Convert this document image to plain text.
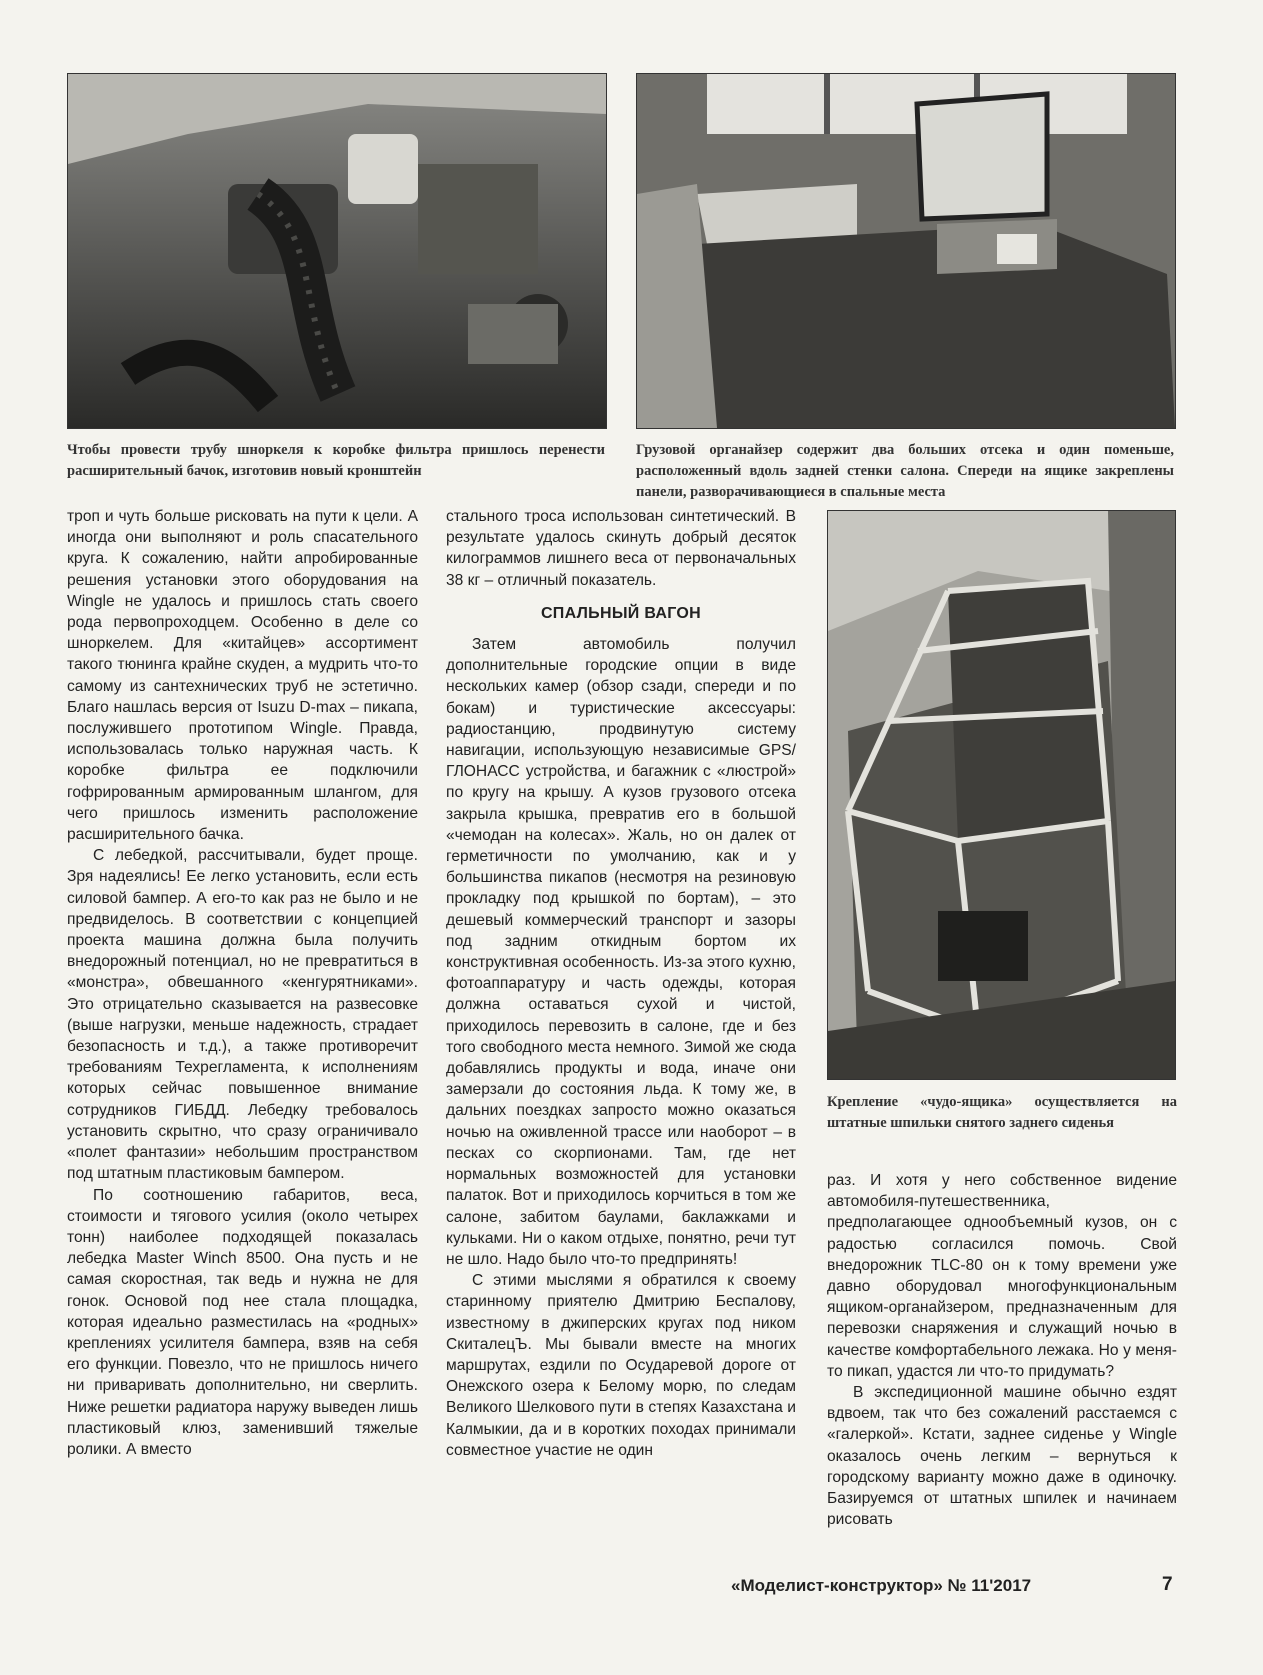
Чтобы провести трубу шноркеля к коробке фильтра пришлось перенести расширительный бачок, изготовив новый кронштейн

Грузовой органайзер содержит два больших отсека и один поменьше, расположенный вдоль задней стенки салона. Спереди на ящике закреплены панели, разворачивающиеся в спальные места

Крепление «чудо-ящика» осуществляется на штатные шпильки снятого заднего сиденья

троп и чуть больше рисковать на пути к цели. А иногда они выполняют и роль спасательного круга. К сожалению, найти апробированные решения установки этого оборудования на Wingle не удалось и пришлось стать своего рода первопроходцем. Особенно в деле со шноркелем. Для «китайцев» ассортимент такого тюнинга крайне скуден, а мудрить что-то самому из сантехнических труб не эстетично. Благо нашлась версия от Isuzu D-max – пикапа, послужившего прототипом Wingle. Правда, использовалась только наружная часть. К коробке фильтра ее подключили гофрированным армированным шлангом, для чего пришлось изменить расположение расширительного бачка.

С лебедкой, рассчитывали, будет проще. Зря надеялись! Ее легко установить, если есть силовой бампер. А его-то как раз не было и не предвиделось. В соответствии с концепцией проекта машина должна была получить внедорожный потенциал, но не превратиться в «монстра», обвешанного «кенгурятниками». Это отрицательно сказывается на развесовке (выше нагрузки, меньше надежность, страдает безопасность и т.д.), а также противоречит требованиям Техрегламента, к исполнениям которых сейчас повышенное внимание сотрудников ГИБДД. Лебедку требовалось установить скрытно, что сразу ограничивало «полет фантазии» небольшим пространством под штатным пластиковым бампером.

По соотношению габаритов, веса, стоимости и тягового усилия (около четырех тонн) наиболее подходящей показалась лебедка Master Winch 8500. Она пусть и не самая скоростная, так ведь и нужна не для гонок. Основой под нее стала площадка, которая идеально разместилась на «родных» креплениях усилителя бампера, взяв на себя его функции. Повезло, что не пришлось ничего ни приваривать дополнительно, ни сверлить. Ниже решетки радиатора наружу выведен лишь пластиковый клюз, заменивший тяжелые ролики. А вместо

стального троса использован синтетический. В результате удалось скинуть добрый десяток килограммов лишнего веса от первоначальных 38 кг – отличный показатель.

СПАЛЬНЫЙ ВАГОН

Затем автомобиль получил дополнительные городские опции в виде нескольких камер (обзор сзади, спереди и по бокам) и туристические аксессуары: радиостанцию, продвинутую систему навигации, использующую независимые GPS/ГЛОНАСС устройства, и багажник с «люстрой» по кругу на крышу. А кузов грузового отсека закрыла крышка, превратив его в большой «чемодан на колесах». Жаль, но он далек от герметичности по умолчанию, как и у большинства пикапов (несмотря на резиновую прокладку под крышкой по бортам), – это дешевый коммерческий транспорт и зазоры под задним откидным бортом их конструктивная особенность. Из-за этого кухню, фотоаппаратуру и часть одежды, которая должна оставаться сухой и чистой, приходилось перевозить в салоне, где и без того свободного места немного. Зимой же сюда добавлялись продукты и вода, иначе они замерзали до состояния льда. К тому же, в дальних поездках запросто можно оказаться ночью на оживленной трассе или наоборот – в песках со скорпионами. Там, где нет нормальных возможностей для установки палаток. Вот и приходилось корчиться в том же салоне, забитом баулами, баклажками и кульками. Ни о каком отдыхе, понятно, речи тут не шло. Надо было что-то предпринять!

С этими мыслями я обратился к своему старинному приятелю Дмитрию Беспалову, известному в джиперских кругах под ником СкиталецЪ. Мы бывали вместе на многих маршрутах, ездили по Осударевой дороге от Онежского озера к Белому морю, по следам Великого Шелкового пути в степях Казахстана и Калмыкии, да и в коротких походах принимали совместное участие не один

раз. И хотя у него собственное видение автомобиля-путешественника, предполагающее однообъемный кузов, он с радостью согласился помочь. Свой внедорожник TLC-80 он к тому времени уже давно оборудовал многофункциональным ящиком-органайзером, предназначенным для перевозки снаряжения и служащий ночью в качестве комфортабельного лежака. Но у меня-то пикап, удастся ли что-то придумать?

В экспедиционной машине обычно ездят вдвоем, так что без сожалений расстаемся с «галеркой». Кстати, заднее сиденье у Wingle оказалось очень легким – вернуться к городскому варианту можно даже в одиночку. Базируемся от штатных шпилек и начинаем рисовать

«Моделист-конструктор» № 11'2017	7
